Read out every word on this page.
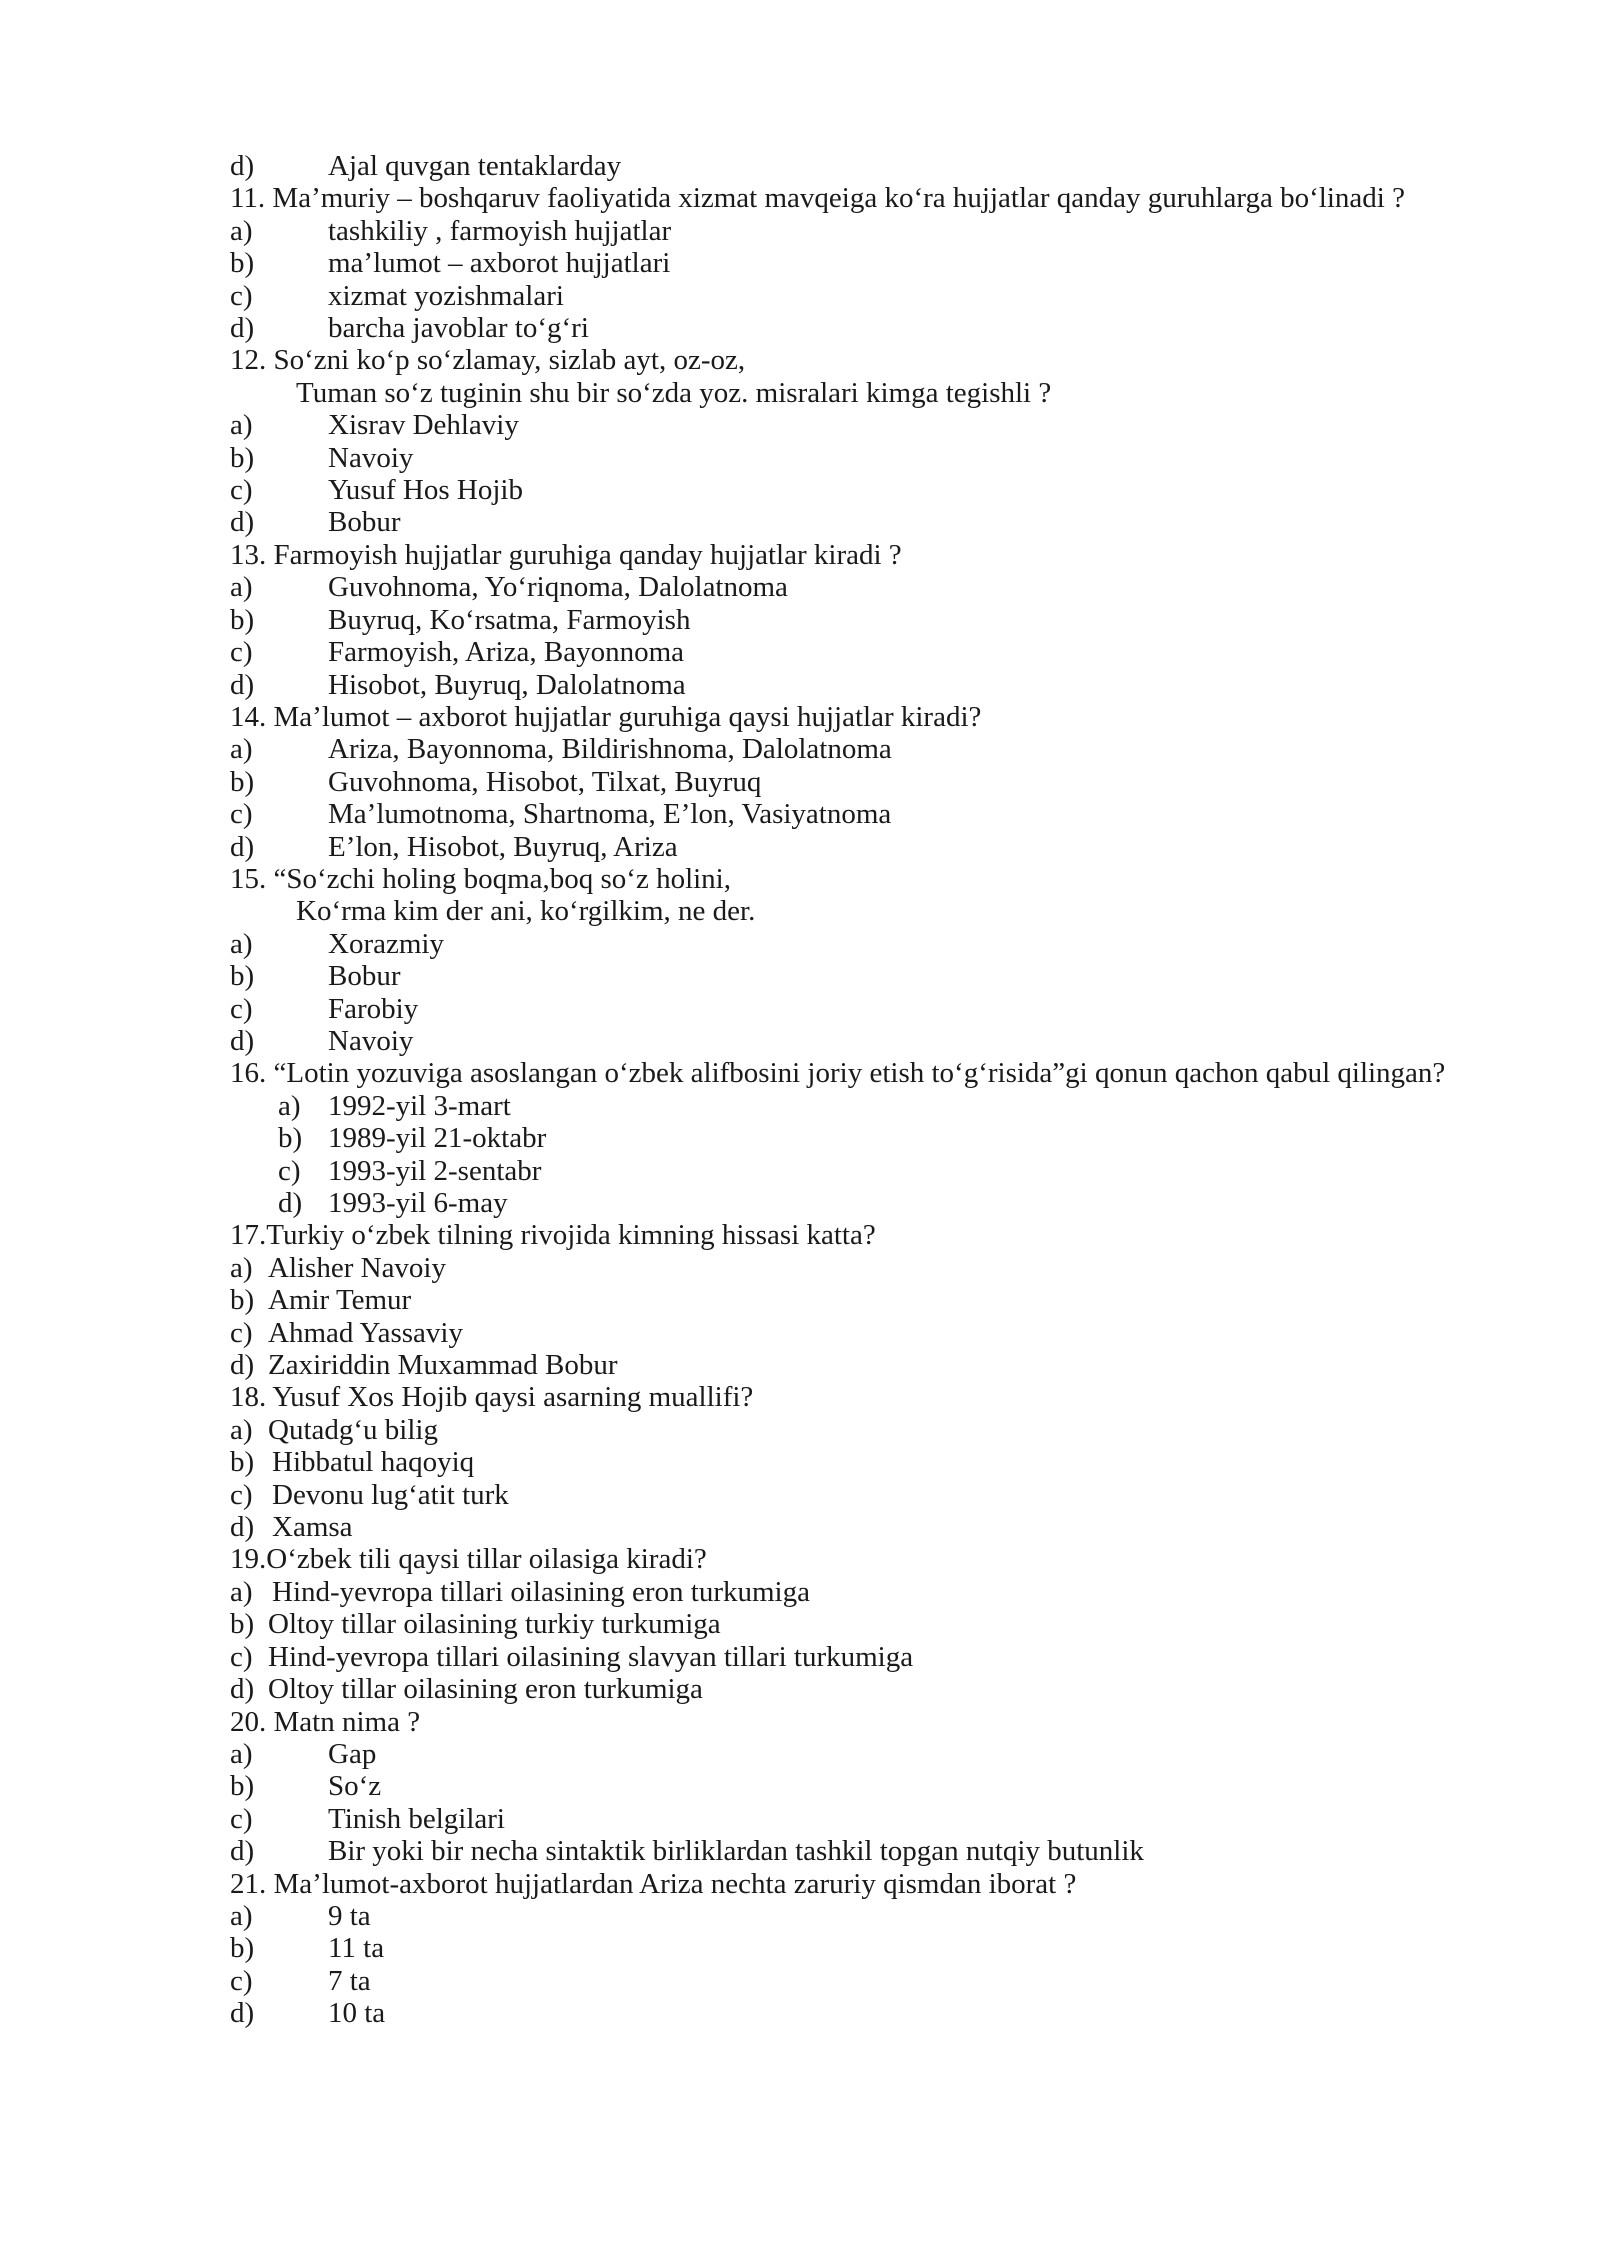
d)	Ajal quvgan tentaklarday
11. Ma’muriy – boshqaruv faoliyatida xizmat mavqeiga ko‘ra hujjatlar qanday guruhlarga bo‘linadi ?
a)	tashkiliy , farmoyish hujjatlar
b)	ma’lumot – axborot hujjatlari
c)	xizmat yozishmalari
d)	barcha javoblar to‘g‘ri
12. So‘zni ko‘p so‘zlamay, sizlab ayt, oz-oz,
Tuman so‘z tuginin shu bir so‘zda yoz. misralari kimga tegishli ?
a)	Xisrav Dehlaviy
b)	Navoiy
c)	Yusuf Hos Hojib
d)	Bobur
13. Farmoyish hujjatlar guruhiga qanday hujjatlar kiradi ?
a)	Guvohnoma, Yo‘riqnoma, Dalolatnoma
b)	Buyruq, Ko‘rsatma, Farmoyish
c)	Farmoyish, Ariza, Bayonnoma
d)	Hisobot, Buyruq, Dalolatnoma
14. Ma’lumot – axborot hujjatlar guruhiga qaysi hujjatlar kiradi?
a)	Ariza, Bayonnoma, Bildirishnoma, Dalolatnoma
b)	Guvohnoma, Hisobot, Tilxat, Buyruq
c)	Ma’lumotnoma, Shartnoma, E’lon, Vasiyatnoma
d)	E’lon, Hisobot, Buyruq, Ariza
15. “So‘zchi holing boqma,boq so‘z holini,
Ko‘rma kim der ani, ko‘rgilkim, ne der.
a)	Xorazmiy
b)	Bobur
c)	Farobiy
d)	Navoiy
16. “Lotin yozuviga asoslangan o‘zbek alifbosini joriy etish to‘g‘risida”gi qonun qachon qabul qilingan?
a) 1992-yil 3-mart
b) 1989-yil 21-oktabr
c) 1993-yil 2-sentabr
d) 1993-yil 6-may
17.Turkiy o‘zbek tilning rivojida kimning hissasi katta?
a) Alisher Navoiy
b) Amir Temur
c) Ahmad Yassaviy
d) Zaxiriddin Muxammad Bobur
18. Yusuf Xos Hojib qaysi asarning muallifi?
a) Qutadg‘u bilig
b) Hibbatul haqoyiq
c) Devonu lug‘atit turk
d) Xamsa
19.O‘zbek tili qaysi tillar oilasiga kiradi?
a) Hind-yevropa tillari oilasining eron turkumiga
b) Oltoy tillar oilasining turkiy turkumiga
c) Hind-yevropa tillari oilasining slavyan tillari turkumiga
d) Oltoy tillar oilasining eron turkumiga
20. Matn nima ?
a)	Gap
b)	So‘z
c)	Tinish belgilari
d)	Bir yoki bir necha sintaktik birliklardan tashkil topgan nutqiy butunlik
21. Ma’lumot-axborot hujjatlardan Ariza nechta zaruriy qismdan iborat ?
a)	9 ta
b)	11 ta
c)	7 ta
d)	10 ta
